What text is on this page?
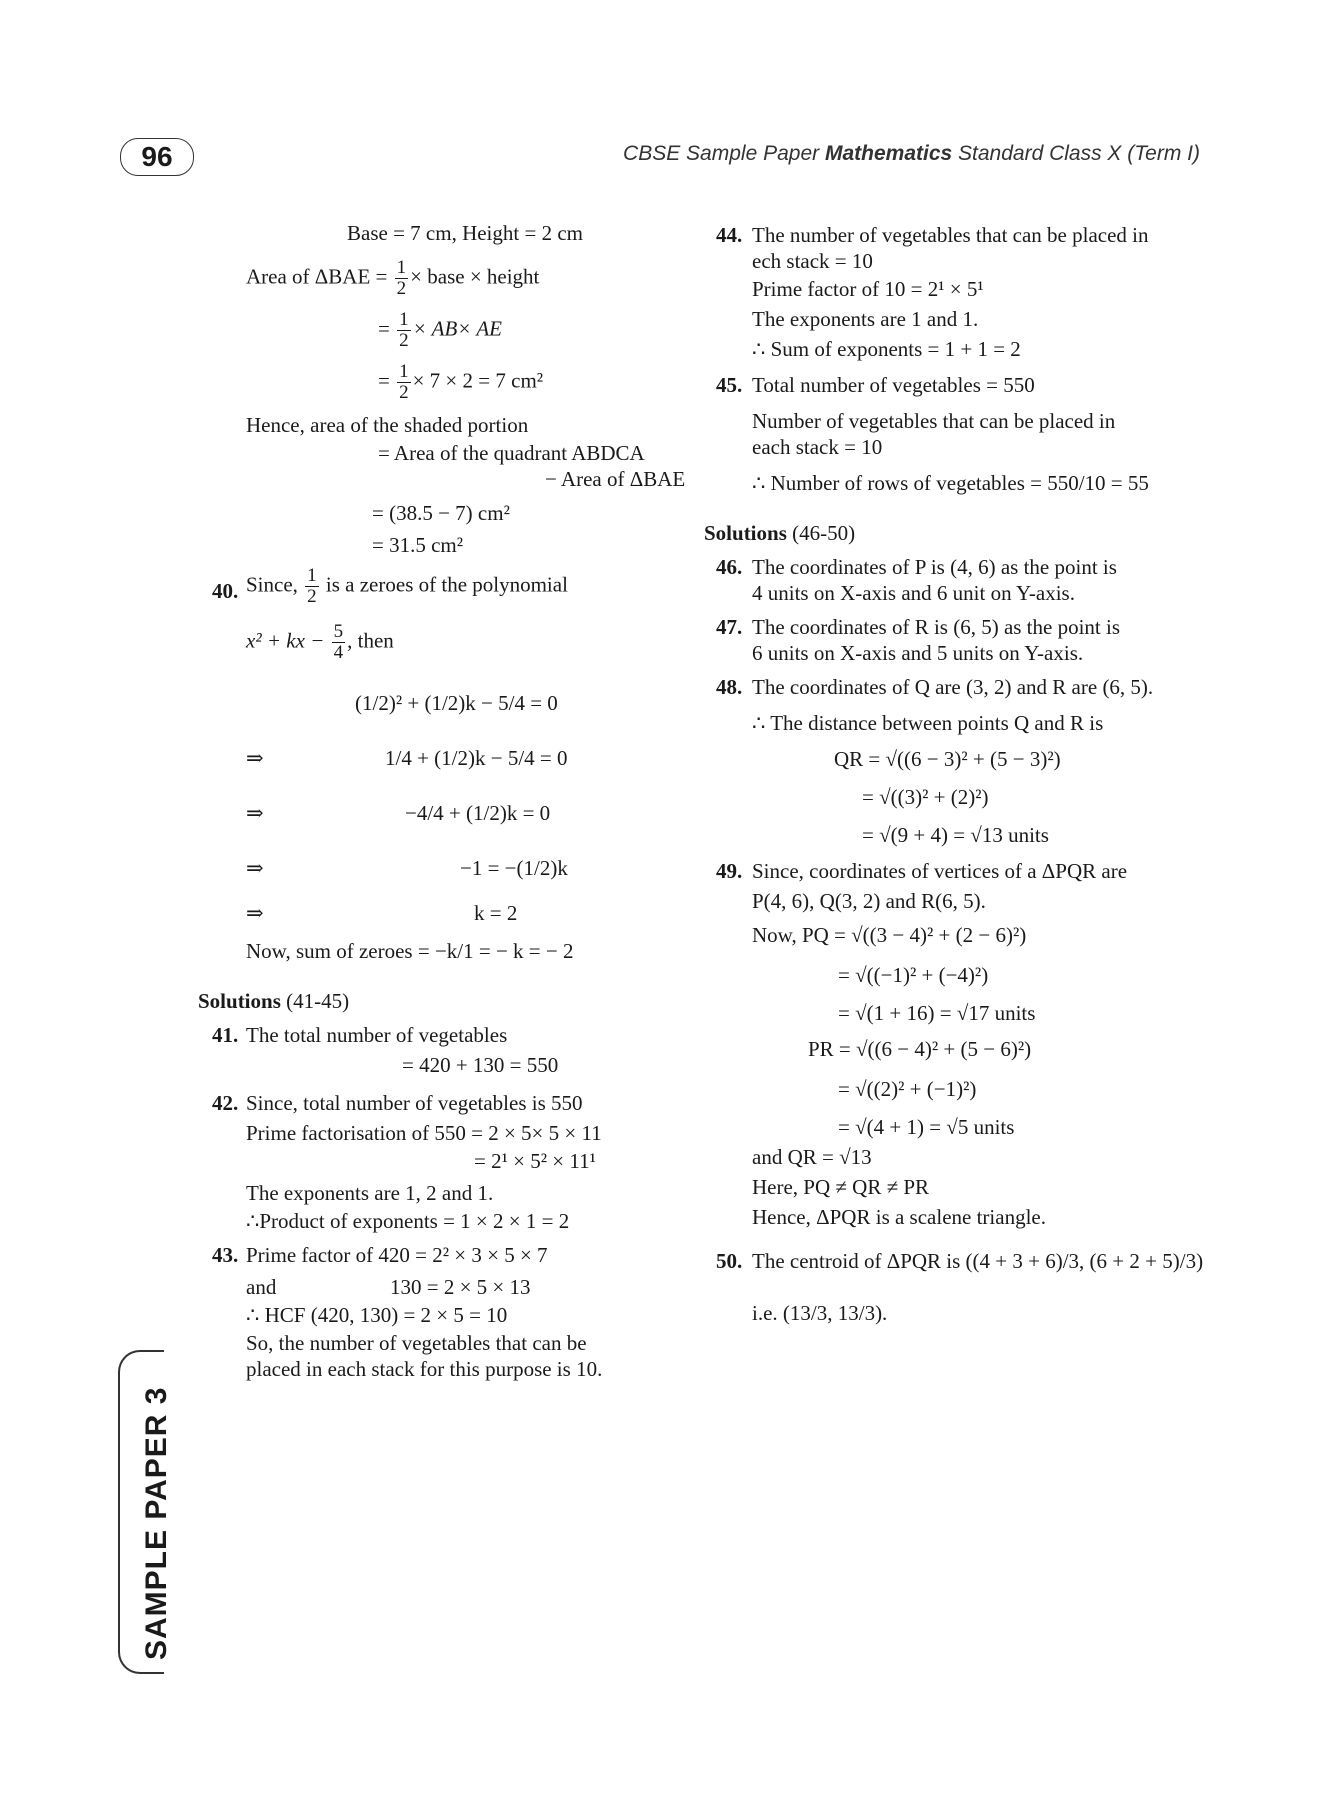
96	CBSE Sample Paper Mathematics Standard Class X (Term I)
SAMPLE PAPER 3
Base = 7 cm, Height = 2 cm
Area of $\Delta BAE = \frac{1}{2}$ × base × height
= $\frac{1}{2} \times AB\times$ AE
= $\frac{1}{2} \times 7 \times 2 = 7$ cm²
Hence, area of the shaded portion
= Area of the quadrant ABDCA
− Area of ΔBAE
= (38.5 − 7) cm²
= 31.5 cm²
40. Since, $\frac{1}{2}$ is a zeroes of the polynomial
x² + kx − $\frac{5}{4}$ , then
(1/2)² + (1/2)k − 5/4 = 0
⇒	1/4 + (1/2)k − 5/4 = 0
⇒	−4/4 + (1/2)k = 0
⇒	−1 = −(1/2)k
⇒	k = 2
Now, sum of zeroes = −k/1 = − k = − 2
Solutions (41-45)
41. The total number of vegetables
= 420 + 130 = 550
42. Since, total number of vegetables is 550
Prime factorisation of 550 = 2 × 5× 5 × 11
= 2¹ × 5² × 11¹
The exponents are 1, 2 and 1.
∴Product of exponents = 1 × 2 × 1 = 2
43. Prime factor of 420 = 2² × 3 × 5 × 7
and	130 = 2 × 5 × 13
∴ HCF (420, 130) = 2 × 5 = 10
So, the number of vegetables that can be
placed in each stack for this purpose is 10.
44. The number of vegetables that can be placed in
ech stack = 10
Prime factor of 10 = 2¹ × 5¹
The exponents are 1 and 1.
∴ Sum of exponents = 1 + 1 = 2
45. Total number of vegetables = 550
Number of vegetables that can be placed in
each stack = 10
∴ Number of rows of vegetables = 550/10 = 55
Solutions (46-50)
46. The coordinates of P is (4, 6) as the point is
4 units on X-axis and 6 unit on Y-axis.
47. The coordinates of R is (6, 5) as the point is
6 units on X-axis and 5 units on Y-axis.
48. The coordinates of Q are (3, 2) and R are (6, 5).
∴ The distance between points Q and R is
QR = √((6 − 3)² + (5 − 3)²)
= √((3)² + (2)²)
= √(9 + 4) = √13 units
49. Since, coordinates of vertices of a ΔPQR are
P(4, 6), Q(3, 2) and R(6, 5).
Now, PQ = √((3 − 4)² + (2 − 6)²)
= √((−1)² + (−4)²)
= √(1 + 16) = √17 units
PR = √((6 − 4)² + (5 − 6)²)
= √((2)² + (−1)²)
= √(4 + 1) = √5 units
and QR = √13
Here, PQ ≠ QR ≠ PR
Hence, ΔPQR is a scalene triangle.
50. The centroid of ΔPQR is ((4 + 3 + 6)/3, (6 + 2 + 5)/3)
i.e. (13/3, 13/3).
